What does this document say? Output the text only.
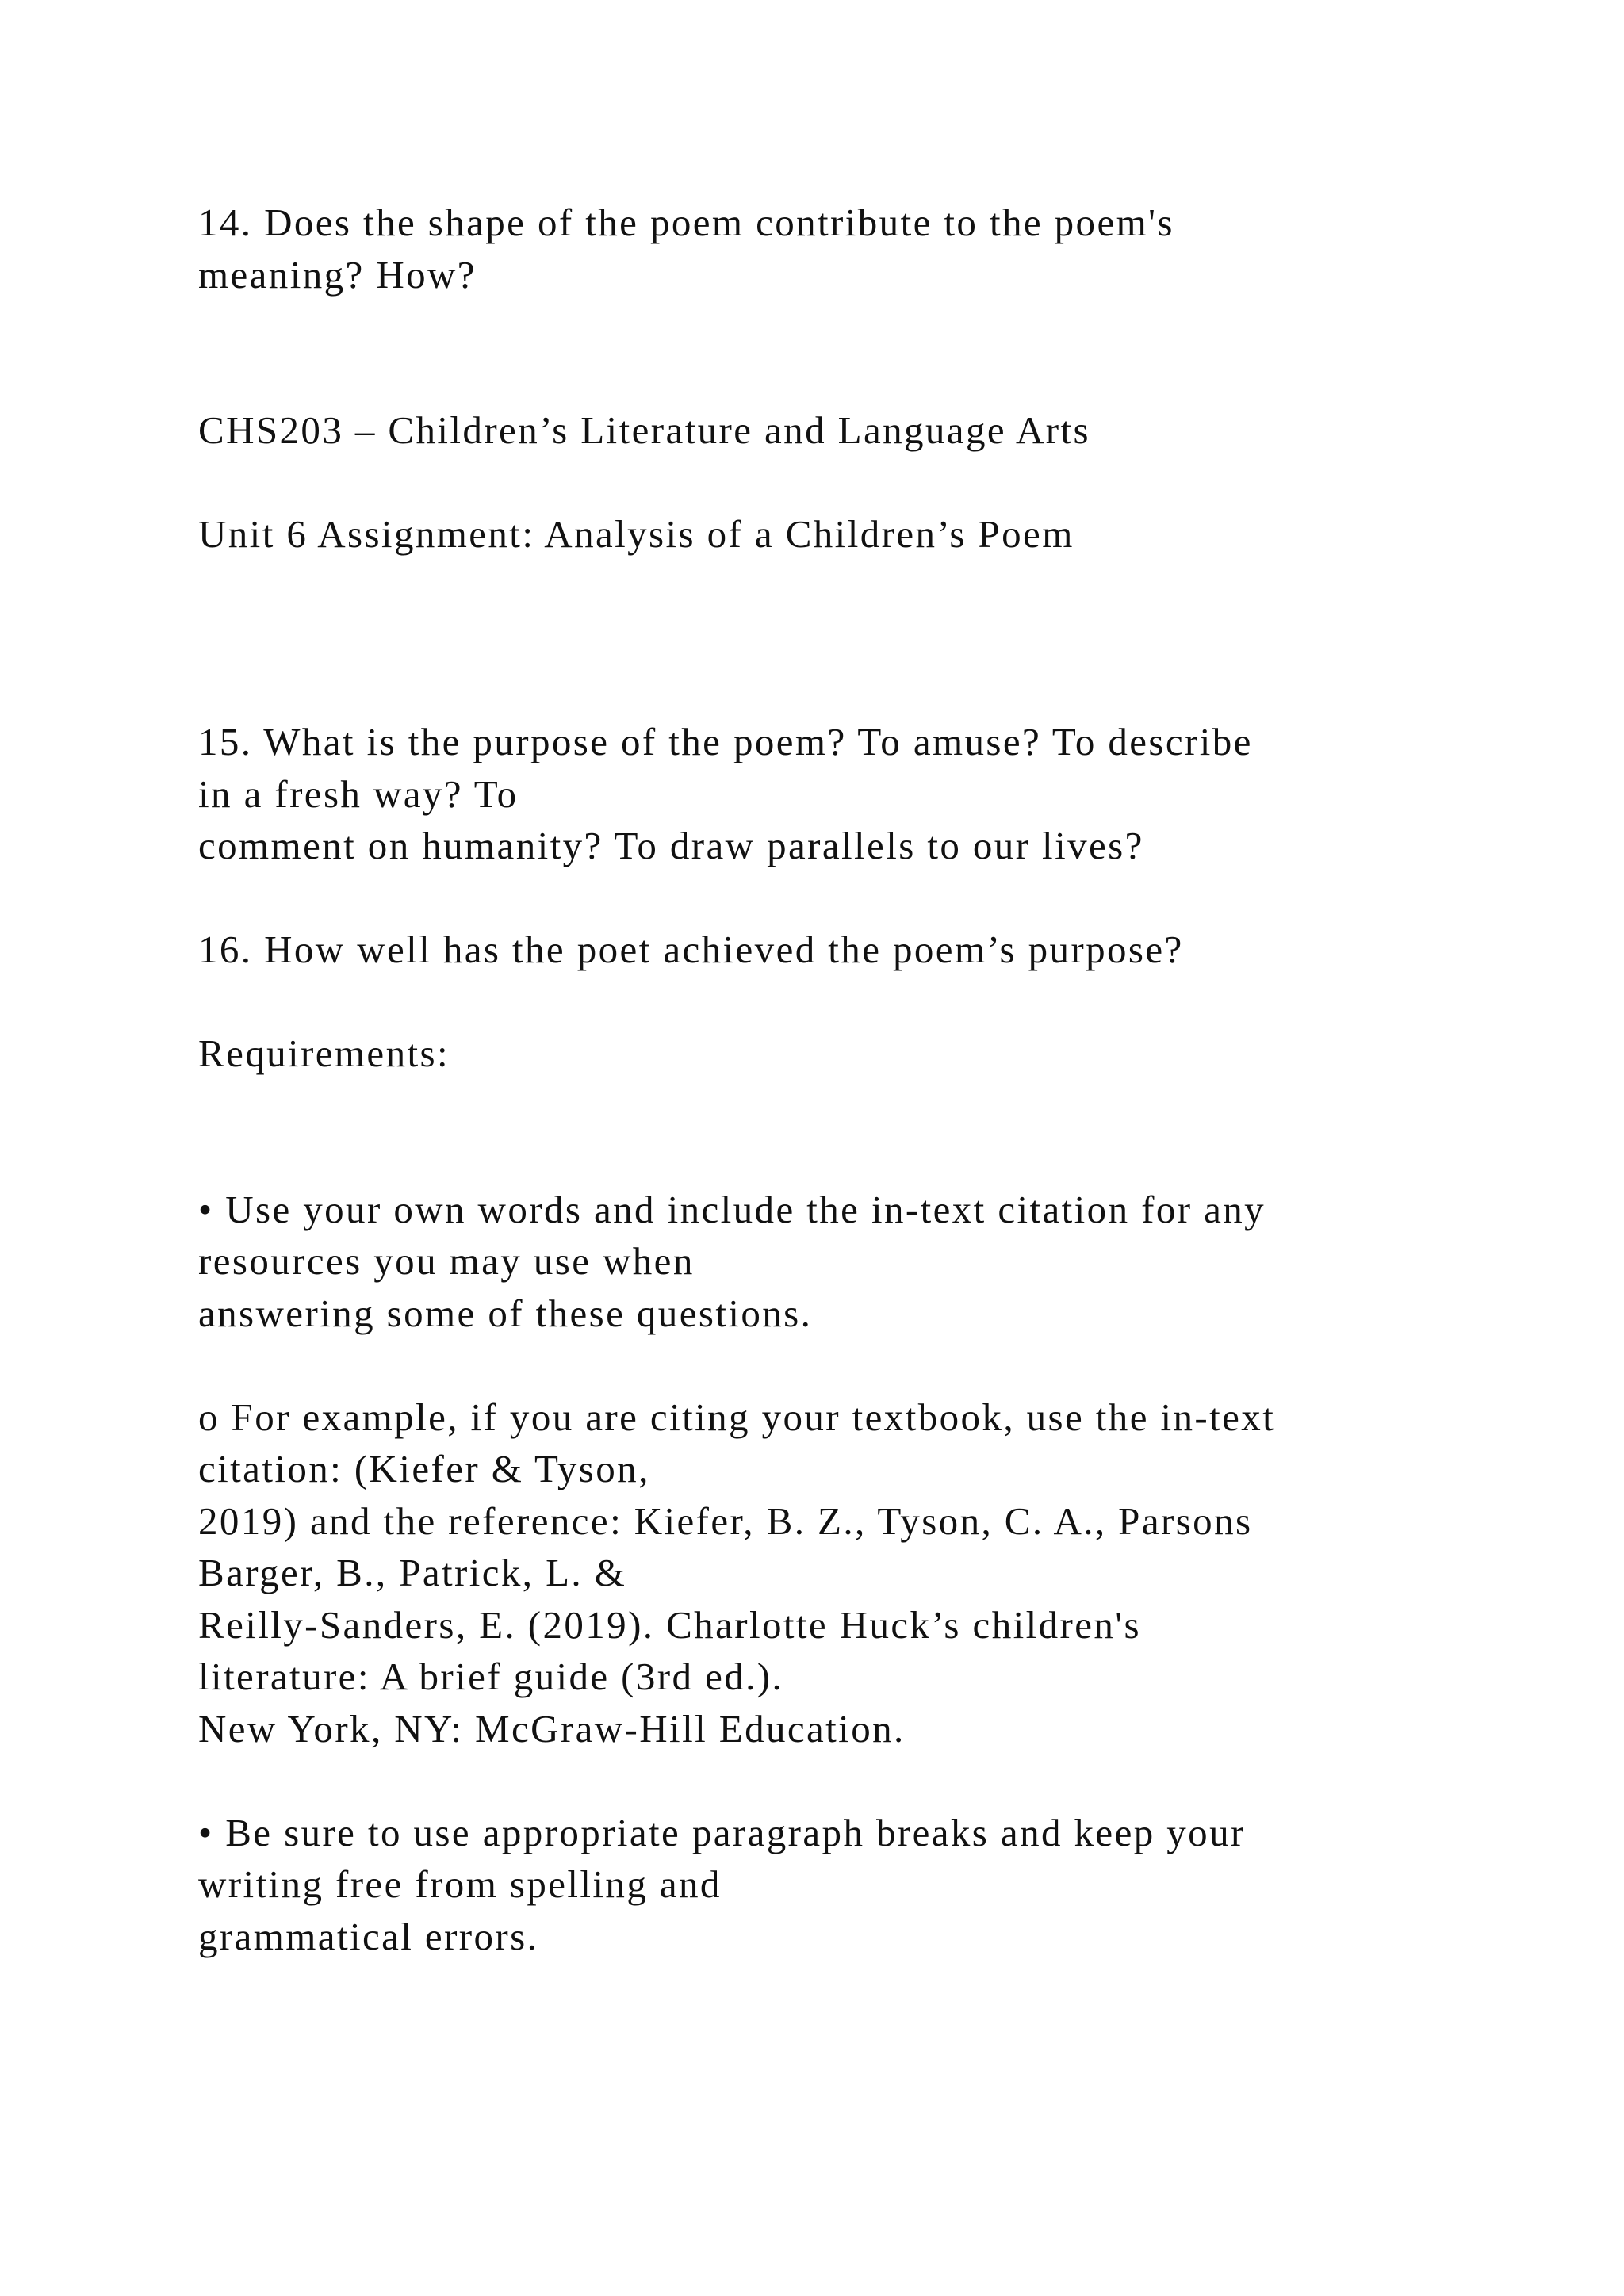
14. Does the shape of the poem contribute to the poem's
meaning? How?
CHS203 – Children’s Literature and Language Arts
Unit 6 Assignment: Analysis of a Children’s Poem
15. What is the purpose of the poem? To amuse? To describe
in a fresh way? To
comment on humanity? To draw parallels to our lives?
16. How well has the poet achieved the poem’s purpose?
Requirements:
• Use your own words and include the in-text citation for any
resources you may use when
answering some of these questions.
o For example, if you are citing your textbook, use the in-text
citation: (Kiefer & Tyson,
2019) and the reference: Kiefer, B. Z., Tyson, C. A., Parsons
Barger, B., Patrick, L. &
Reilly-Sanders, E. (2019). Charlotte Huck’s children's
literature: A brief guide (3rd ed.).
New York, NY: McGraw-Hill Education.
• Be sure to use appropriate paragraph breaks and keep your
writing free from spelling and
grammatical errors.
